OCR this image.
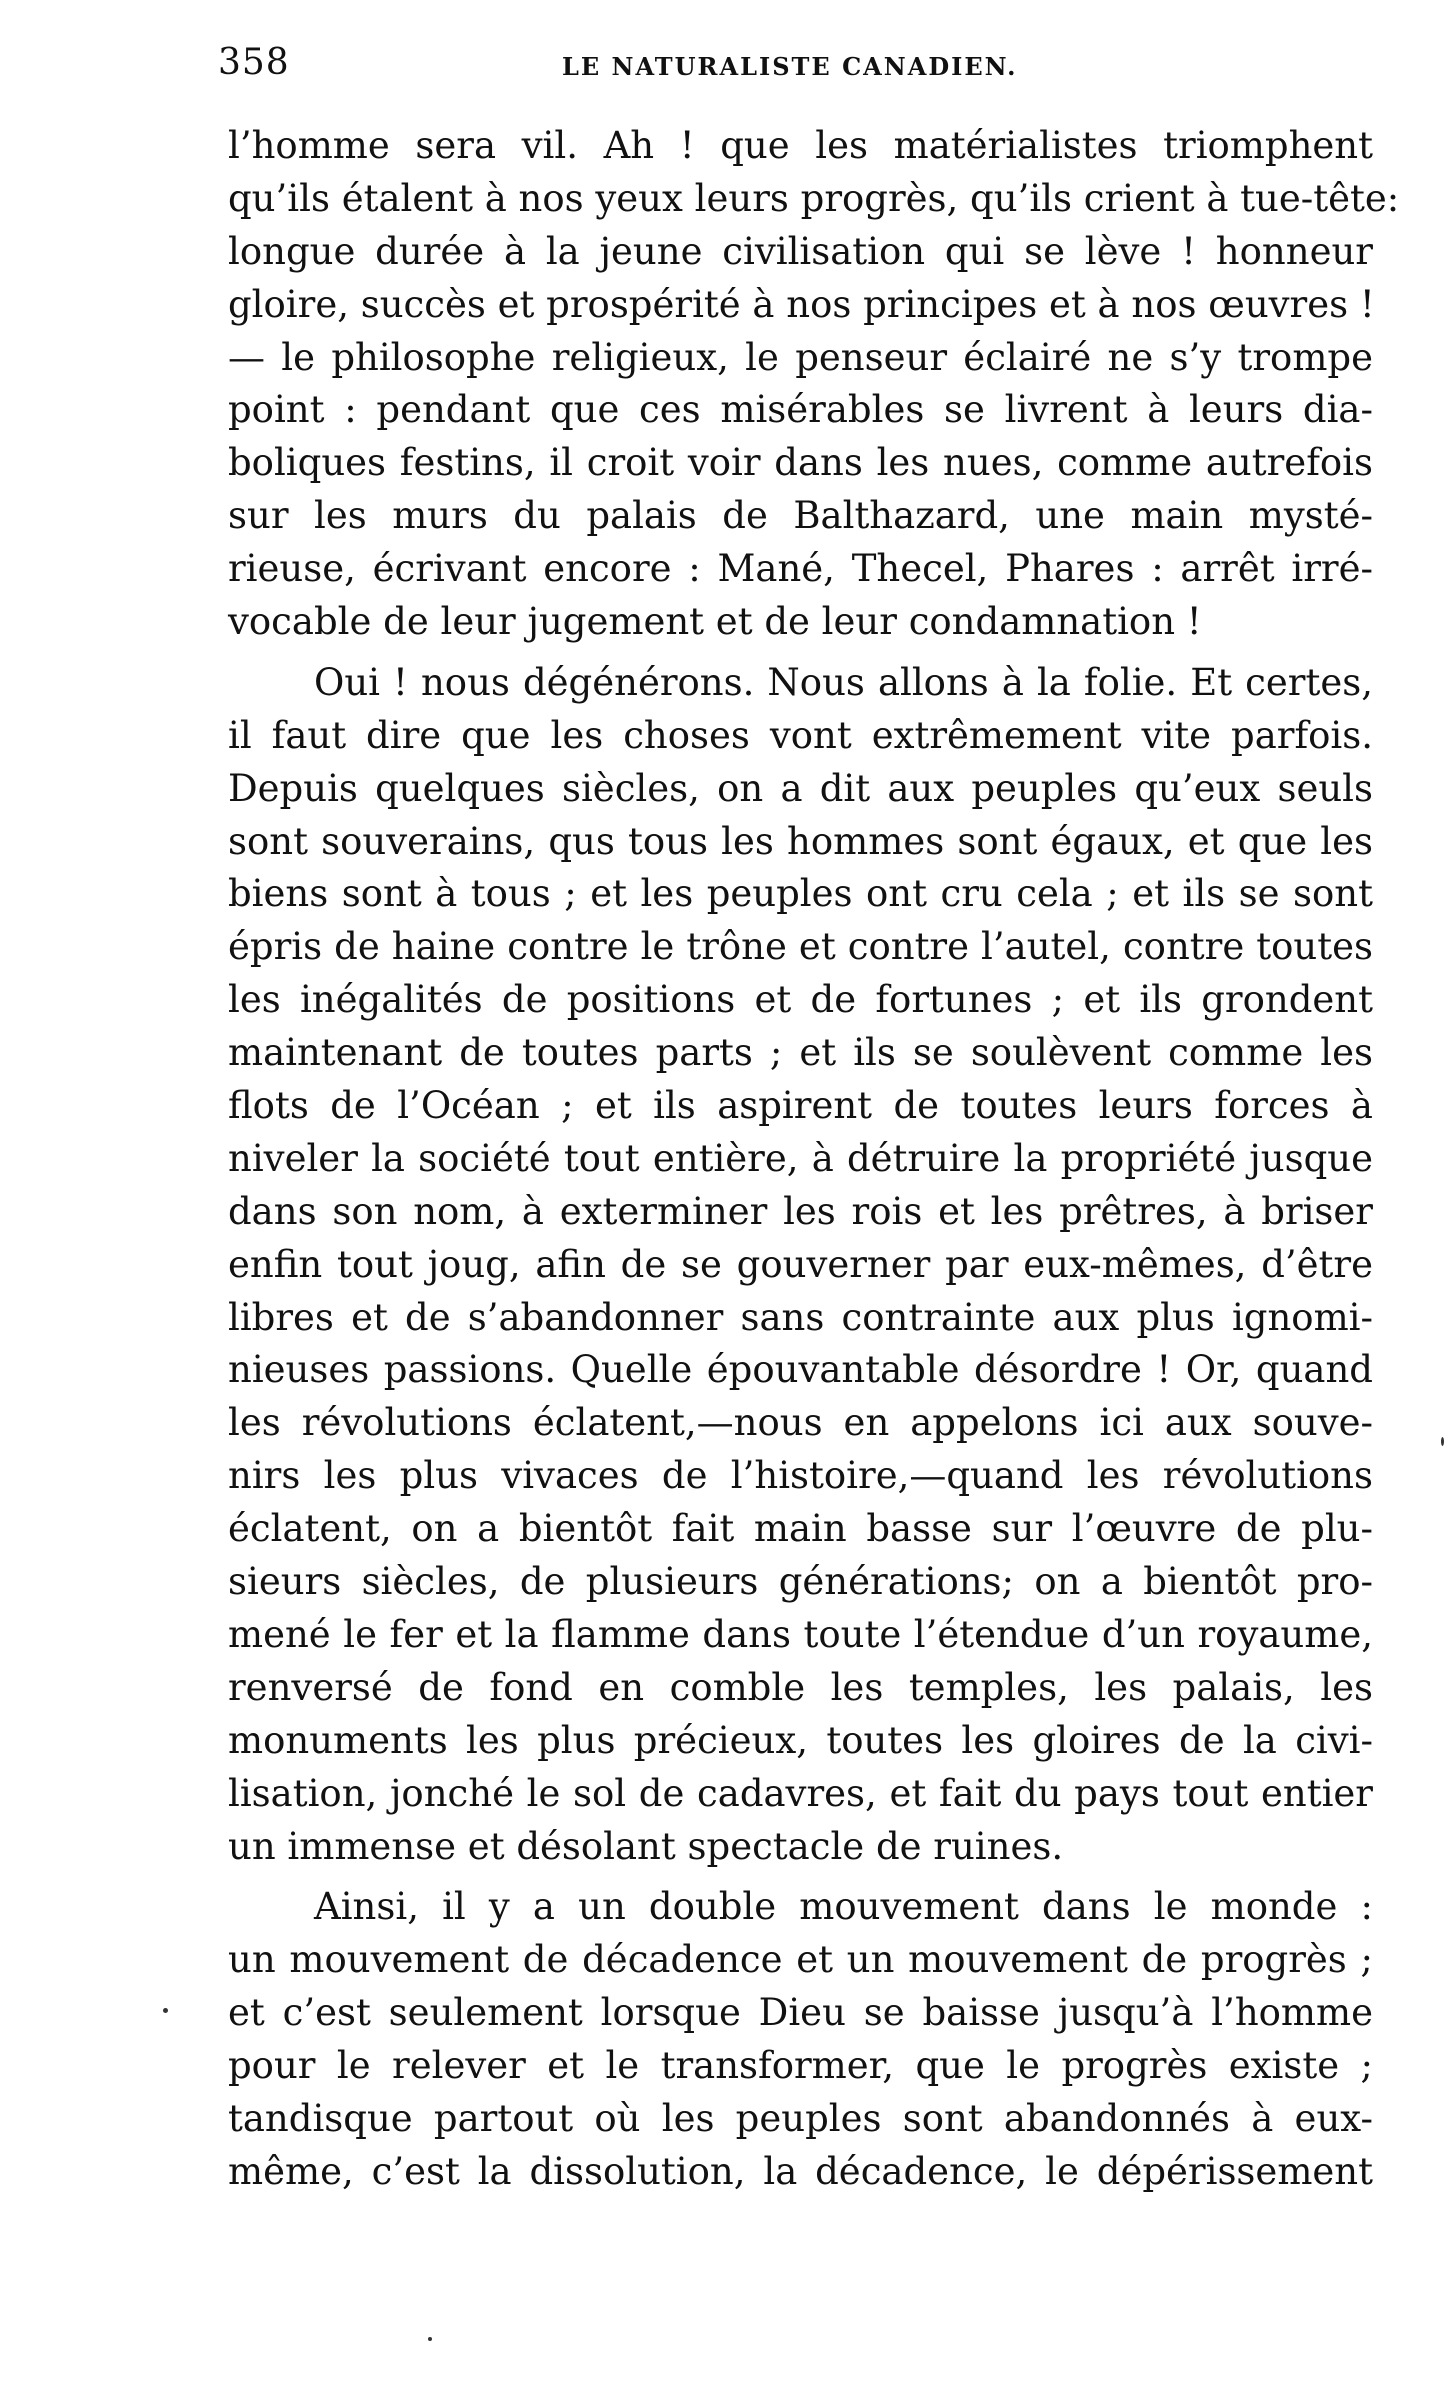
358	LE NATURALISTE CANADIEN.

l’homme sera vil. Ah ! que les matérialistes triomphent
qu’ils étalent à nos yeux leurs progrès, qu’ils crient à tue-tête:
longue durée à la jeune civilisation qui se lève ! honneur
gloire, succès et prospérité à nos principes et à nos œuvres !
— le philosophe religieux, le penseur éclairé ne s’y trompe
point : pendant que ces misérables se livrent à leurs dia-
boliques festins, il croit voir dans les nues, comme autrefois
sur les murs du palais de Balthazard, une main mysté-
rieuse, écrivant encore : Mané, Thecel, Phares : arrêt irré-
vocable de leur jugement et de leur condamnation !

Oui ! nous dégénérons. Nous allons à la folie. Et certes,
il faut dire que les choses vont extrêmement vite parfois.
Depuis quelques siècles, on a dit aux peuples qu’eux seuls
sont souverains, qus tous les hommes sont égaux, et que les
biens sont à tous ; et les peuples ont cru cela ; et ils se sont
épris de haine contre le trône et contre l’autel, contre toutes
les inégalités de positions et de fortunes ; et ils grondent
maintenant de toutes parts ; et ils se soulèvent comme les
flots de l’Océan ; et ils aspirent de toutes leurs forces à
niveler la société tout entière, à détruire la propriété jusque
dans son nom, à exterminer les rois et les prêtres, à briser
enfin tout joug, afin de se gouverner par eux-mêmes, d’être
libres et de s’abandonner sans contrainte aux plus ignomi-
nieuses passions. Quelle épouvantable désordre ! Or, quand
les révolutions éclatent,—nous en appelons ici aux souve-
nirs les plus vivaces de l’histoire,—quand les révolutions
éclatent, on a bientôt fait main basse sur l’œuvre de plu-
sieurs siècles, de plusieurs générations; on a bientôt pro-
mené le fer et la flamme dans toute l’étendue d’un royaume,
renversé de fond en comble les temples, les palais, les
monuments les plus précieux, toutes les gloires de la civi-
lisation, jonché le sol de cadavres, et fait du pays tout entier
un immense et désolant spectacle de ruines.

Ainsi, il y a un double mouvement dans le monde :
un mouvement de décadence et un mouvement de progrès ;
et c’est seulement lorsque Dieu se baisse jusqu’à l’homme
pour le relever et le transformer, que le progrès existe ;
tandisque partout où les peuples sont abandonnés à eux-
même, c’est la dissolution, la décadence, le dépérissement
